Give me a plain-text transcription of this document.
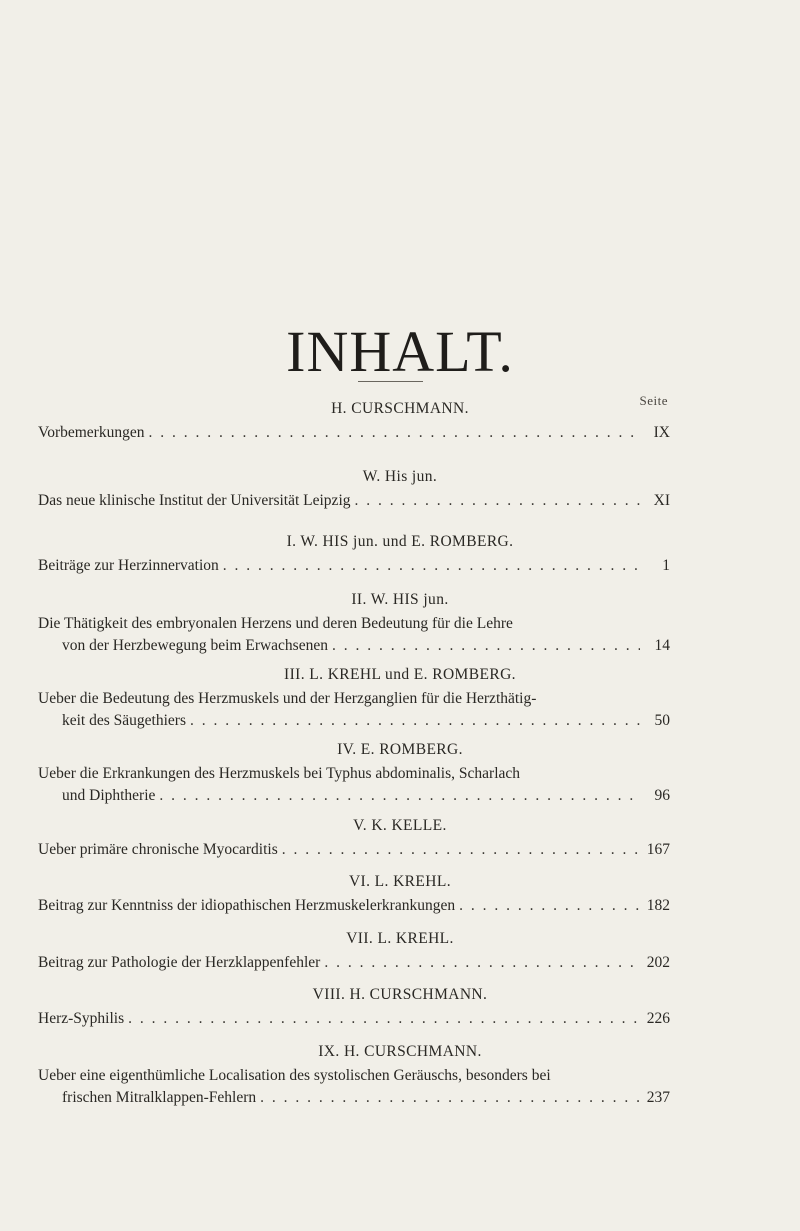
INHALT.
Seite
H. CURSCHMANN.
Vorbemerkungen . . .	IX
W. His jun.
Das neue klinische Institut der Universität Leipzig . . .	XI
I. W. HIS jun. und E. ROMBERG.
Beiträge zur Herzinnervation . . .	1
II. W. HIS jun.
Die Thätigkeit des embryonalen Herzens und deren Bedeutung für die Lehre
von der Herzbewegung beim Erwachsenen . . .	14
III. L. KREHL und E. ROMBERG.
Ueber die Bedeutung des Herzmuskels und der Herzganglien für die Herzthätig-
keit des Säugethiers . . .	50
IV. E. ROMBERG.
Ueber die Erkrankungen des Herzmuskels bei Typhus abdominalis, Scharlach
und Diphtherie . . .	96
V. K. KELLE.
Ueber primäre chronische Myocarditis . . .	167
VI. L. KREHL.
Beitrag zur Kenntniss der idiopathischen Herzmuskelerkrankungen . . .	182
VII. L. KREHL.
Beitrag zur Pathologie der Herzklappenfehler . . .	202
VIII. H. CURSCHMANN.
Herz-Syphilis . . .	226
IX. H. CURSCHMANN.
Ueber eine eigenthümliche Localisation des systolischen Geräuschs, besonders bei
frischen Mitralklappen-Fehlern . . .	237
